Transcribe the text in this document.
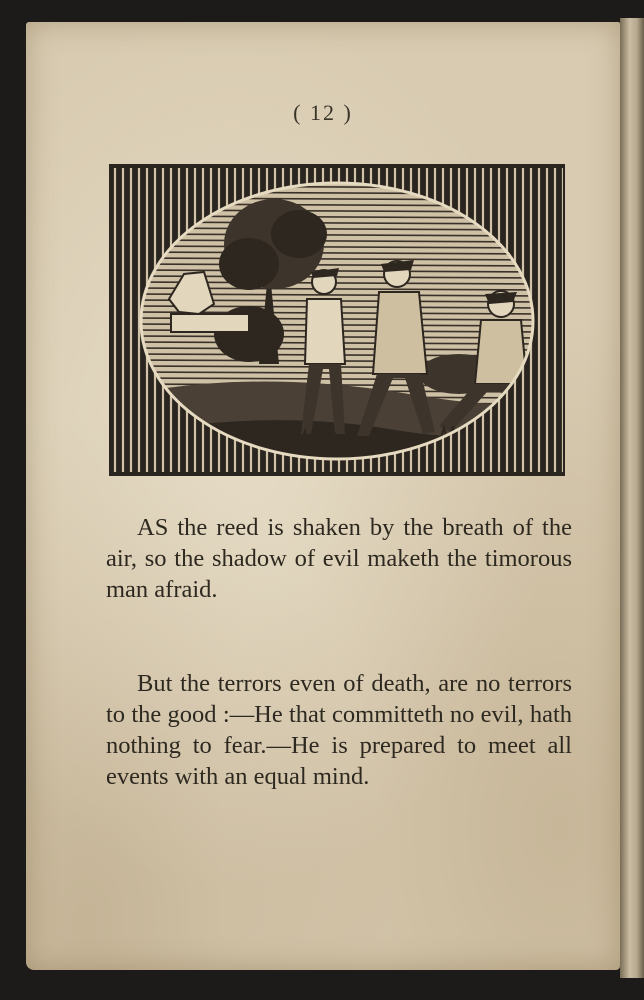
( 12 )

AS the reed is shaken by the breath of the air, so the shadow of evil maketh the timorous man afraid.

But the terrors even of death, are no terrors to the good :—He that committeth no evil, hath nothing to fear.—He is prepared to meet all events with an equal mind.
